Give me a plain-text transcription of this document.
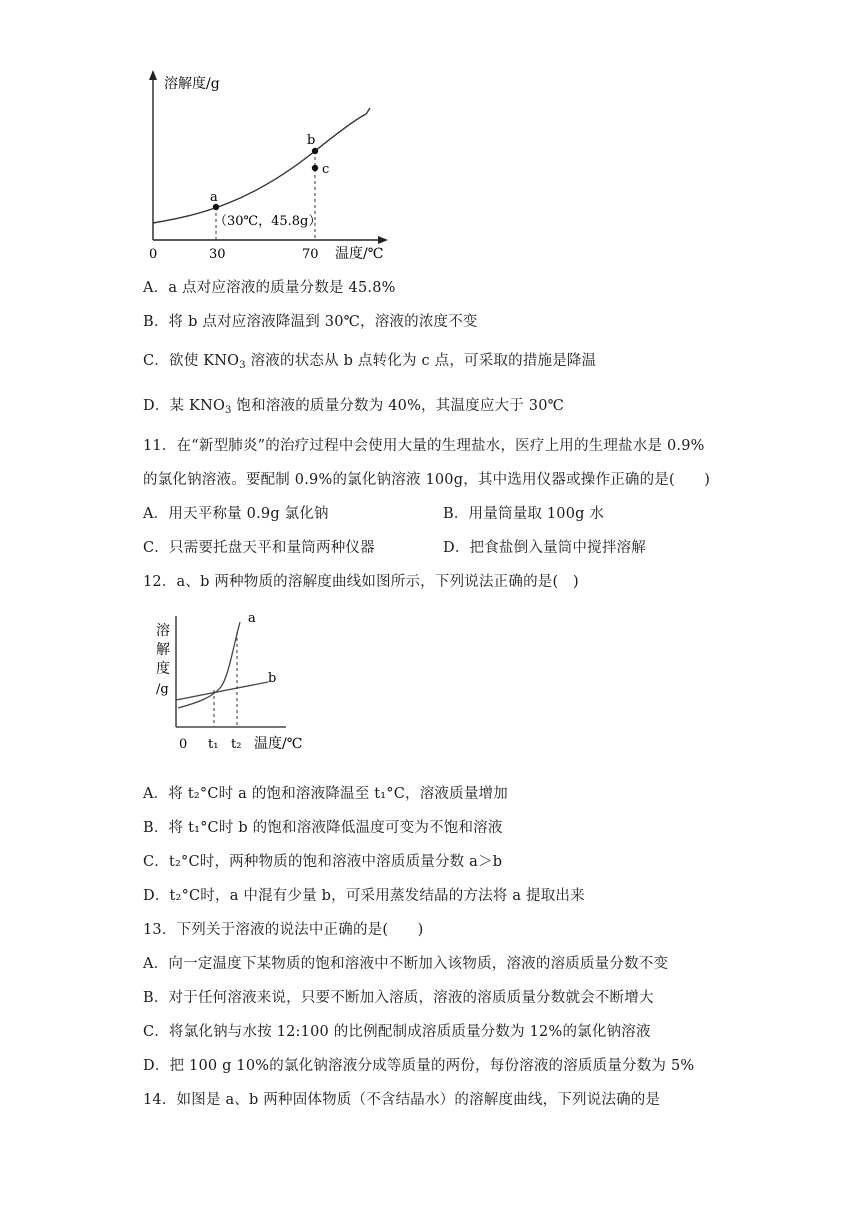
溶解度/g
温度/℃
0	30	70
a
b
c
（30℃，45.8g）
A．a 点对应溶液的质量分数是 45.8%
B．将 b 点对应溶液降温到 30℃，溶液的浓度不变
C．欲使 $KNO_3$ 溶液的状态从 b 点转化为 c 点，可采取的措施是降温
D．某 $KNO_3$ 饱和溶液的质量分数为 40%，其温度应大于 30℃
11．在“新型肺炎”的治疗过程中会使用大量的生理盐水，医疗上用的生理盐水是 0.9%
的氯化钠溶液。要配制 0.9%的氯化钠溶液 100g，其中选用仪器或操作正确的是(　　)
A．用天平称量 0.9g 氯化钠	B．用量筒量取 100g 水
C．只需要托盘天平和量筒两种仪器	D．把食盐倒入量筒中搅拌溶解
12．a、b 两种物质的溶解度曲线如图所示，下列说法正确的是(　)
溶
解
度
/g
0 t₁ t₂ 温度/℃
a
b
A．将 t₂°C时 a 的饱和溶液降温至 t₁°C，溶液质量增加
B．将 t₁°C时 b 的饱和溶液降低温度可变为不饱和溶液
C．t₂°C时，两种物质的饱和溶液中溶质质量分数 a＞b
D．t₂°C时，a 中混有少量 b，可采用蒸发结晶的方法将 a 提取出来
13．下列关于溶液的说法中正确的是(　　)
A．向一定温度下某物质的饱和溶液中不断加入该物质，溶液的溶质质量分数不变
B．对于任何溶液来说，只要不断加入溶质，溶液的溶质质量分数就会不断增大
C．将氯化钠与水按 12:100 的比例配制成溶质质量分数为 12%的氯化钠溶液
D．把 100 g 10%的氯化钠溶液分成等质量的两份，每份溶液的溶质质量分数为 5%
14．如图是 a、b 两种固体物质（不含结晶水）的溶解度曲线，下列说法确的是
